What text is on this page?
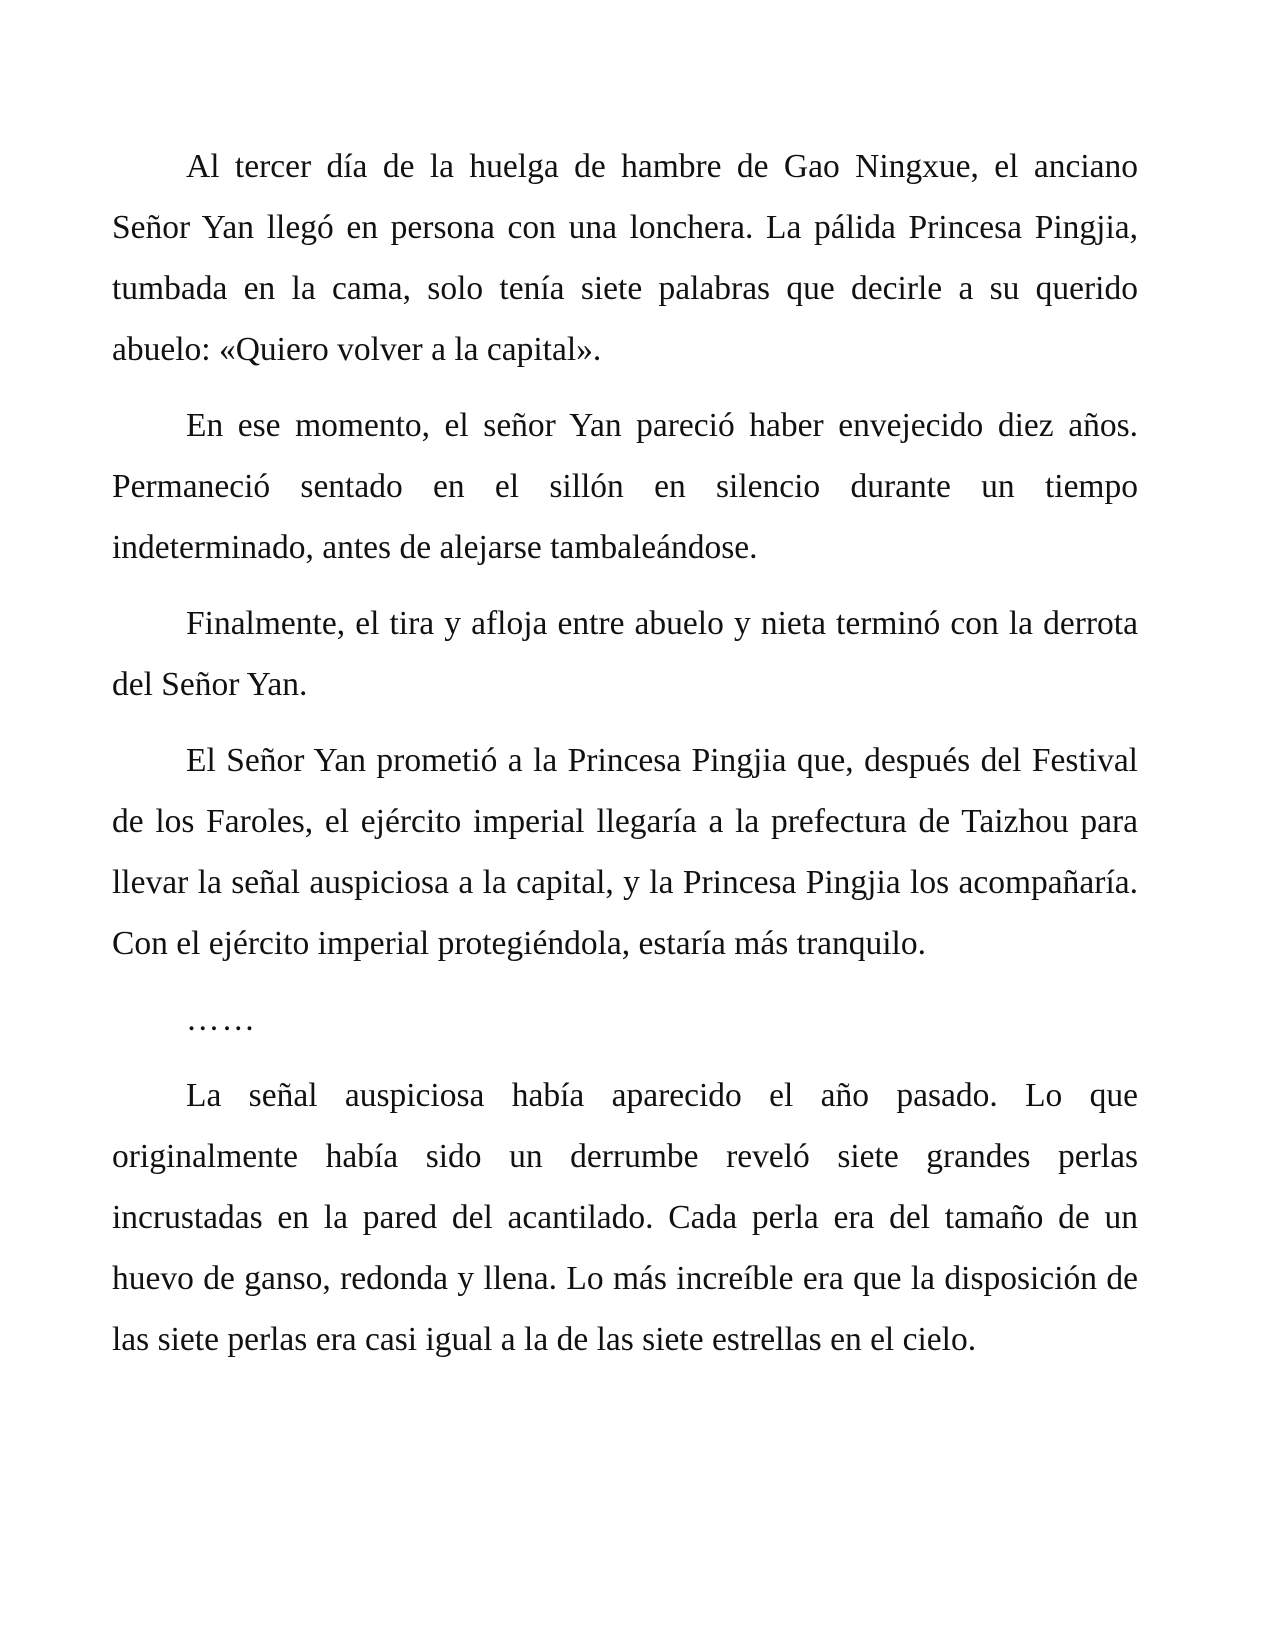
Al tercer día de la huelga de hambre de Gao Ningxue, el anciano Señor Yan llegó en persona con una lonchera. La pálida Princesa Pingjia, tumbada en la cama, solo tenía siete palabras que decirle a su querido abuelo: «Quiero volver a la capital».

En ese momento, el señor Yan pareció haber envejecido diez años. Permaneció sentado en el sillón en silencio durante un tiempo indeterminado, antes de alejarse tambaleándose.

Finalmente, el tira y afloja entre abuelo y nieta terminó con la derrota del Señor Yan.

El Señor Yan prometió a la Princesa Pingjia que, después del Festival de los Faroles, el ejército imperial llegaría a la prefectura de Taizhou para llevar la señal auspiciosa a la capital, y la Princesa Pingjia los acompañaría. Con el ejército imperial protegiéndola, estaría más tranquilo.

……

La señal auspiciosa había aparecido el año pasado. Lo que originalmente había sido un derrumbe reveló siete grandes perlas incrustadas en la pared del acantilado. Cada perla era del tamaño de un huevo de ganso, redonda y llena. Lo más increíble era que la disposición de las siete perlas era casi igual a la de las siete estrellas en el cielo.
